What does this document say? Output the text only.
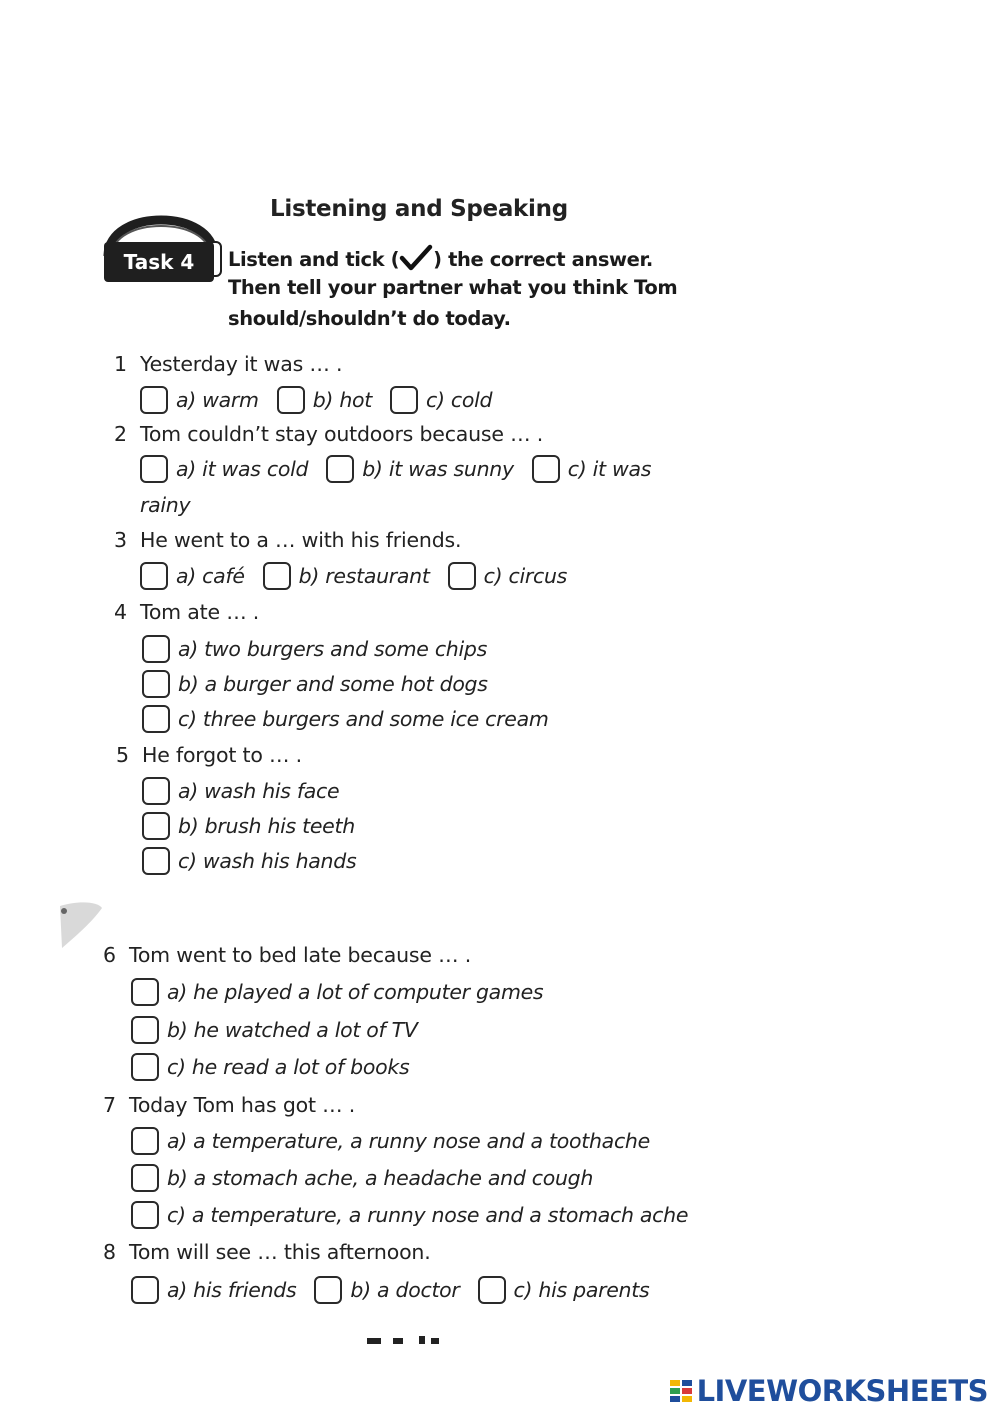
Task 4
Listening and Speaking
Listen and tick ( ) the correct answer.
Then tell your partner what you think Tom
should/shouldn’t do today.
1 Yesterday it was … .
a) warm	b) hot	c) cold
2 Tom couldn’t stay outdoors because … .
a) it was cold	b) it was sunny	c) it was
rainy
3 He went to a … with his friends.
a) café	b) restaurant	c) circus
4 Tom ate … .
a) two burgers and some chips
b) a burger and some hot dogs
c) three burgers and some ice cream
5 He forgot to … .
a) wash his face
b) brush his teeth
c) wash his hands
6 Tom went to bed late because … .
a) he played a lot of computer games
b) he watched a lot of TV
c) he read a lot of books
7 Today Tom has got … .
a) a temperature, a runny nose and a toothache
b) a stomach ache, a headache and cough
c) a temperature, a runny nose and a stomach ache
8 Tom will see … this afternoon.
a) his friends	b) a doctor	c) his parents
LIVEWORKSHEETS
